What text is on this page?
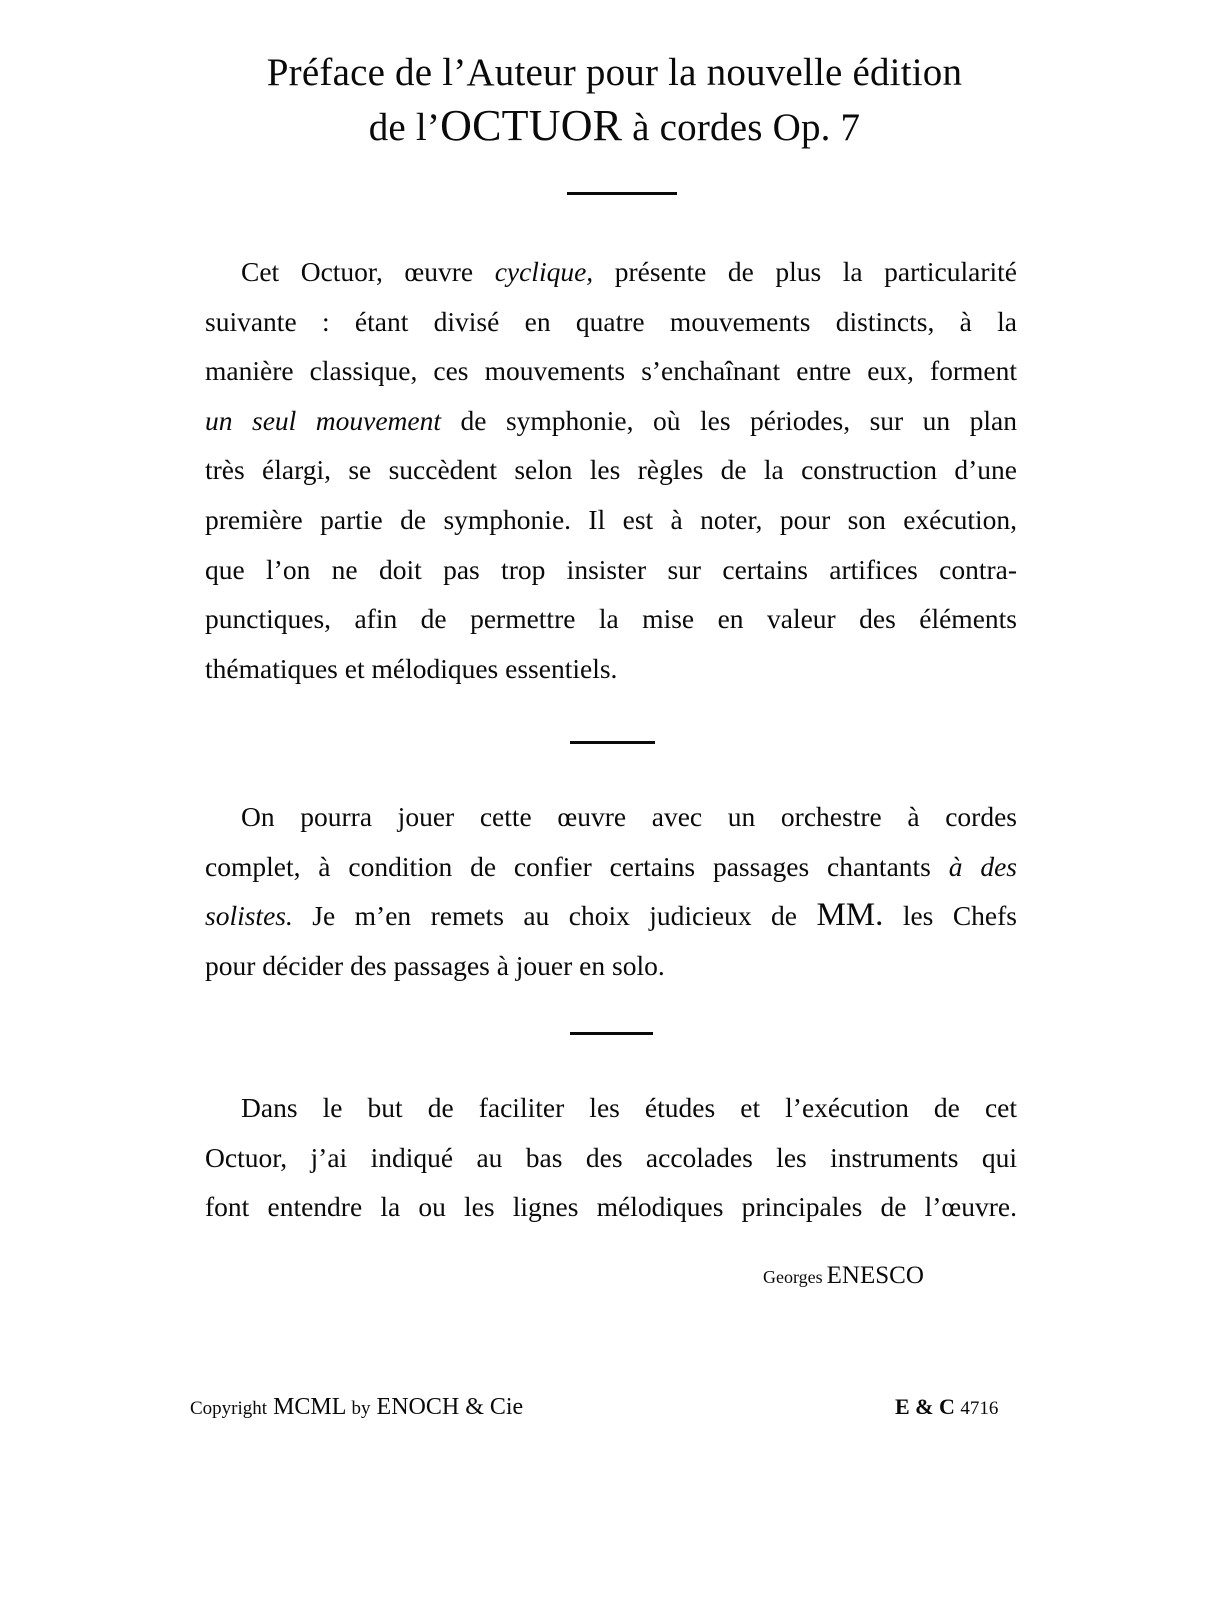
Préface de l’Auteur pour la nouvelle édition
de l’OCTUOR à cordes Op. 7
Cet Octuor, œuvre cyclique, présente de plus la particularité
suivante : étant divisé en quatre mouvements distincts, à la
manière classique, ces mouvements s’enchaînant entre eux, forment
un seul mouvement de symphonie, où les périodes, sur un plan
très élargi, se succèdent selon les règles de la construction d’une
première partie de symphonie. Il est à noter, pour son exécution,
que l’on ne doit pas trop insister sur certains artifices contra-
punctiques, afin de permettre la mise en valeur des éléments
thématiques et mélodiques essentiels.
On pourra jouer cette œuvre avec un orchestre à cordes
complet, à condition de confier certains passages chantants à des
solistes. Je m’en remets au choix judicieux de MM. les Chefs
pour décider des passages à jouer en solo.
Dans le but de faciliter les études et l’exécution de cet
Octuor, j’ai indiqué au bas des accolades les instruments qui
font entendre la ou les lignes mélodiques principales de l’œuvre.
Georges ENESCO
Copyright MCML by ENOCH & Cie	E & C 4716
